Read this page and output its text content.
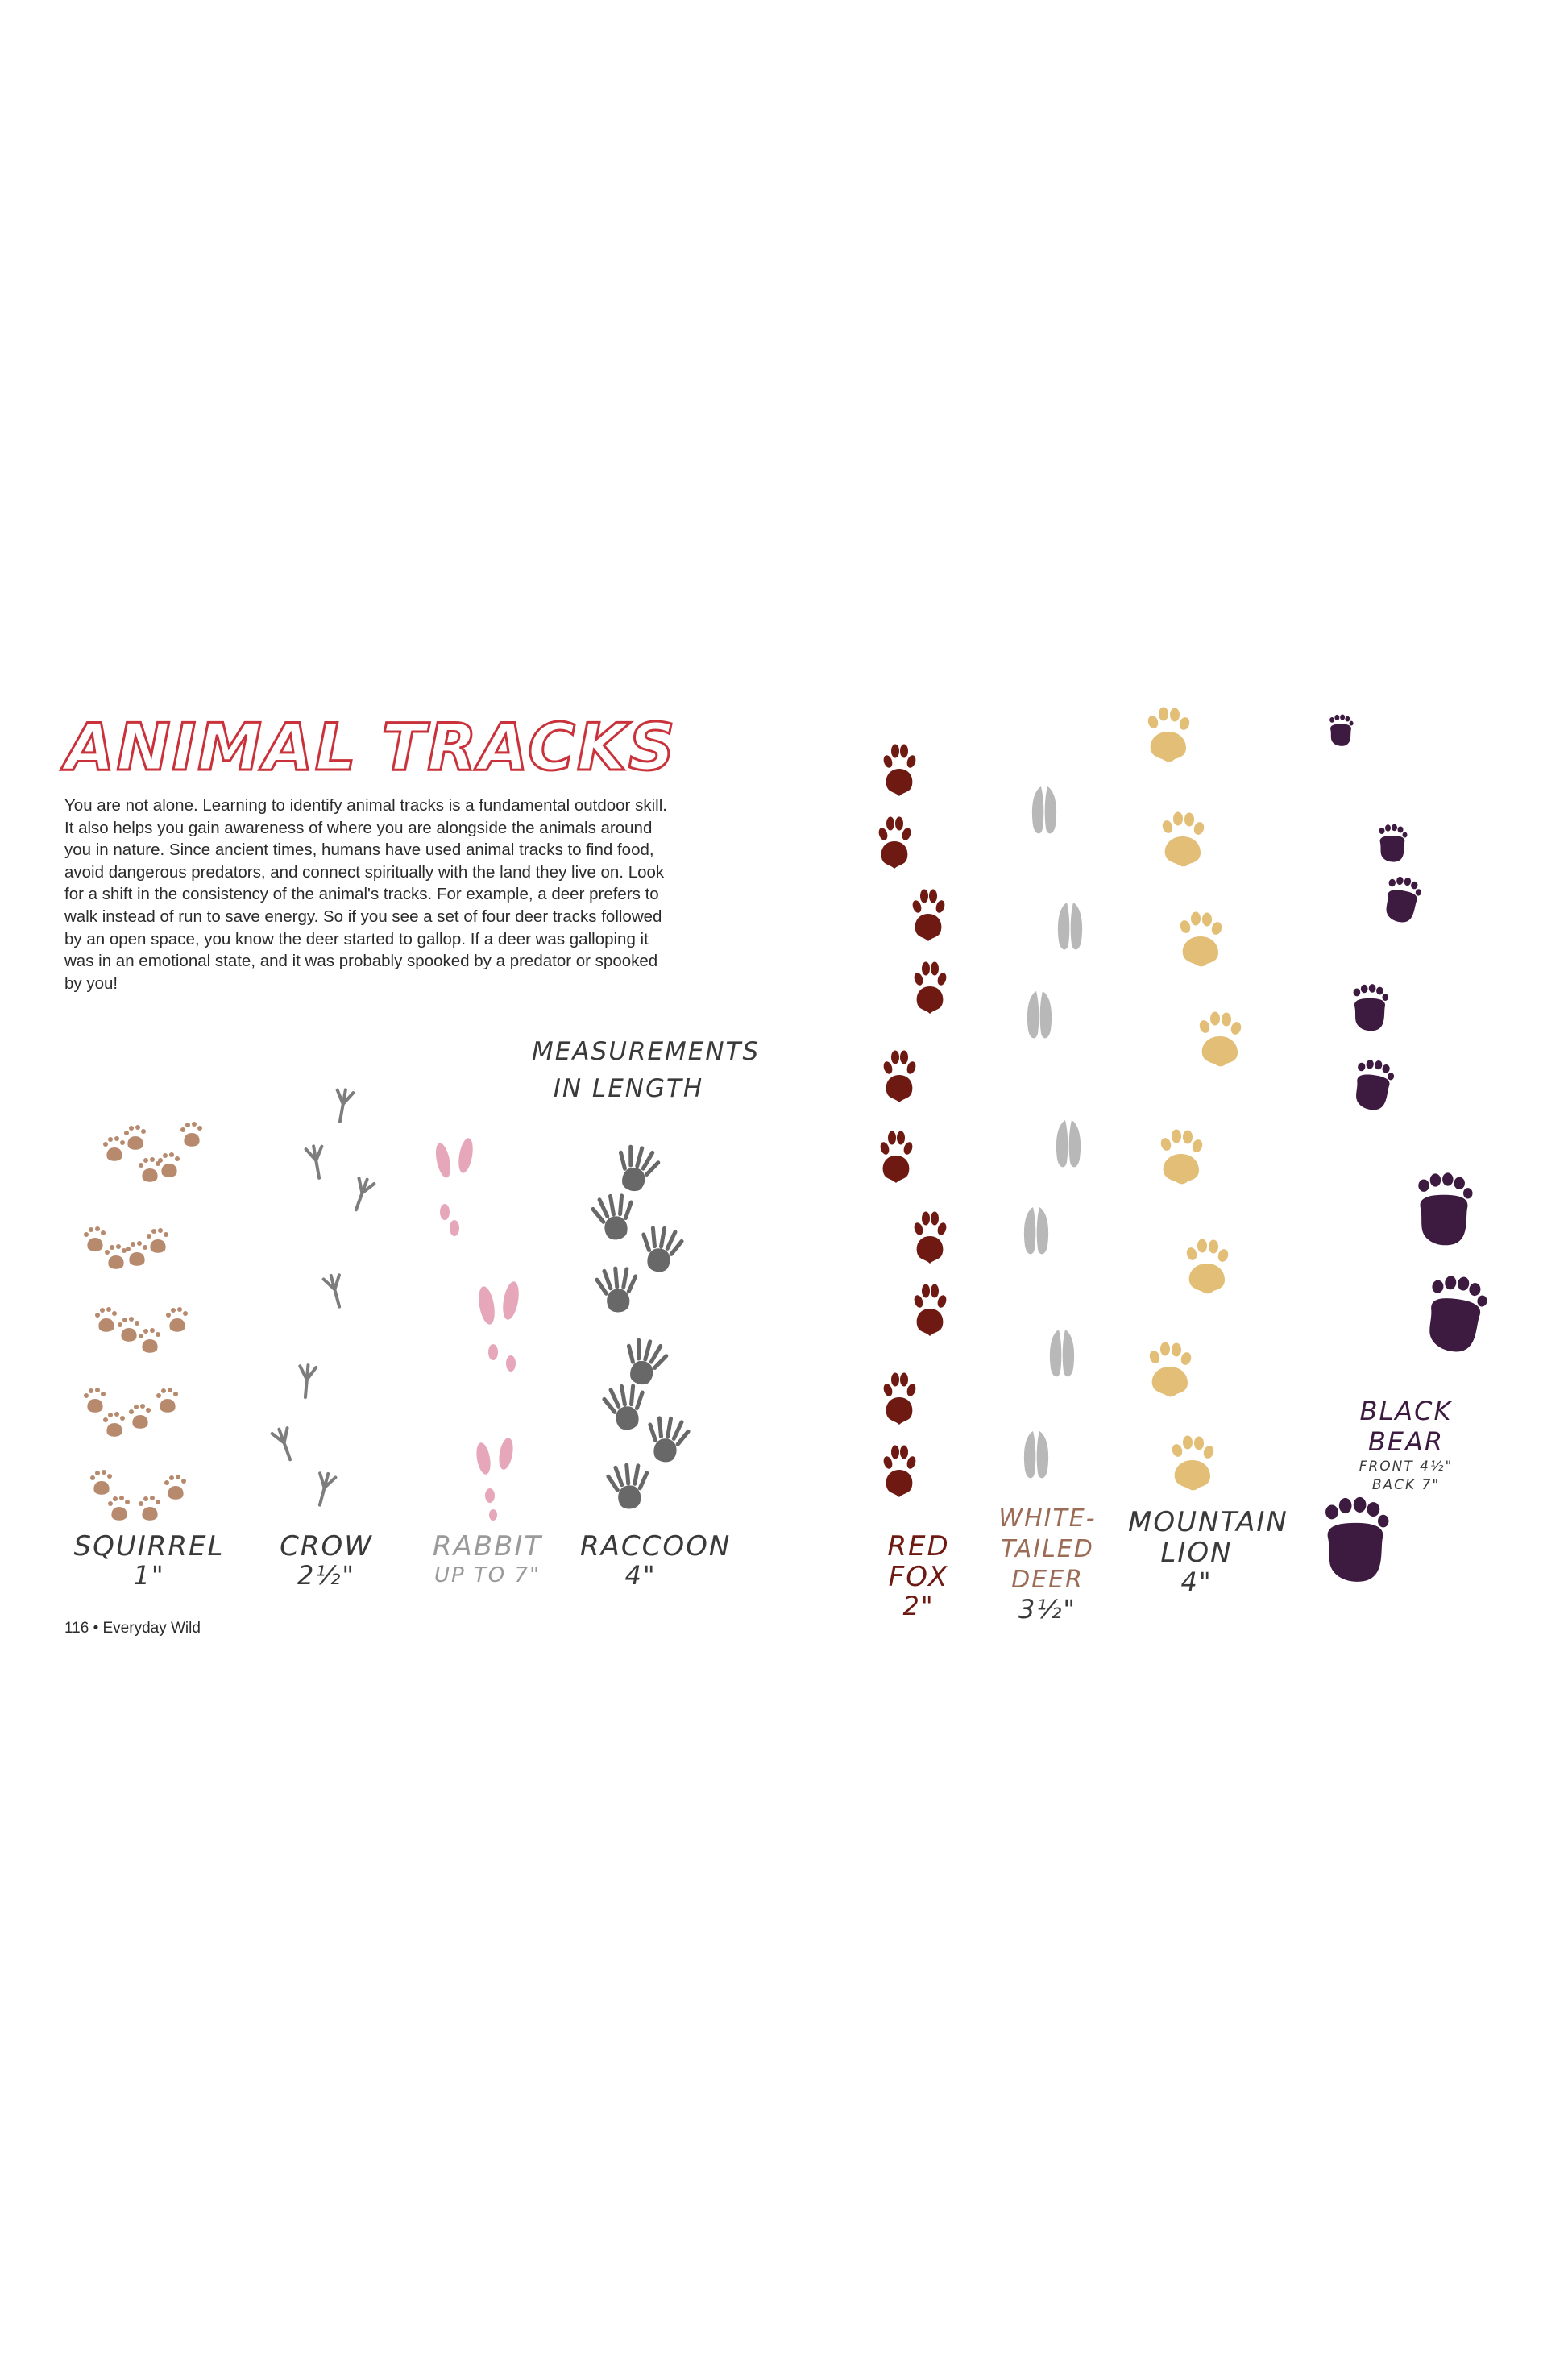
ANIMAL TRACKS
You are not alone. Learning to identify animal tracks is a fundamental outdoor skill. It also helps you gain awareness of where you are alongside the animals around you in nature. Since ancient times, humans have used animal tracks to find food, avoid dangerous predators, and connect spiritually with the land they live on. Look for a shift in the consistency of the animal's tracks. For example, a deer prefers to walk instead of run to save energy. So if you see a set of four deer tracks followed by an open space, you know the deer started to gallop. If a deer was galloping it was in an emotional state, and it was probably spooked by a predator or spooked by you!
MEASUREMENTS
IN LENGTH
SQUIRREL
1"
CROW
2½"
RABBIT
UP TO 7"
RACCOON
4"
RED FOX
2"
WHITE-TAILED
DEER
3½"
MOUNTAIN
LION
4"
BLACK BEAR
FRONT 4½"
BACK 7"
116 • Everyday Wild
